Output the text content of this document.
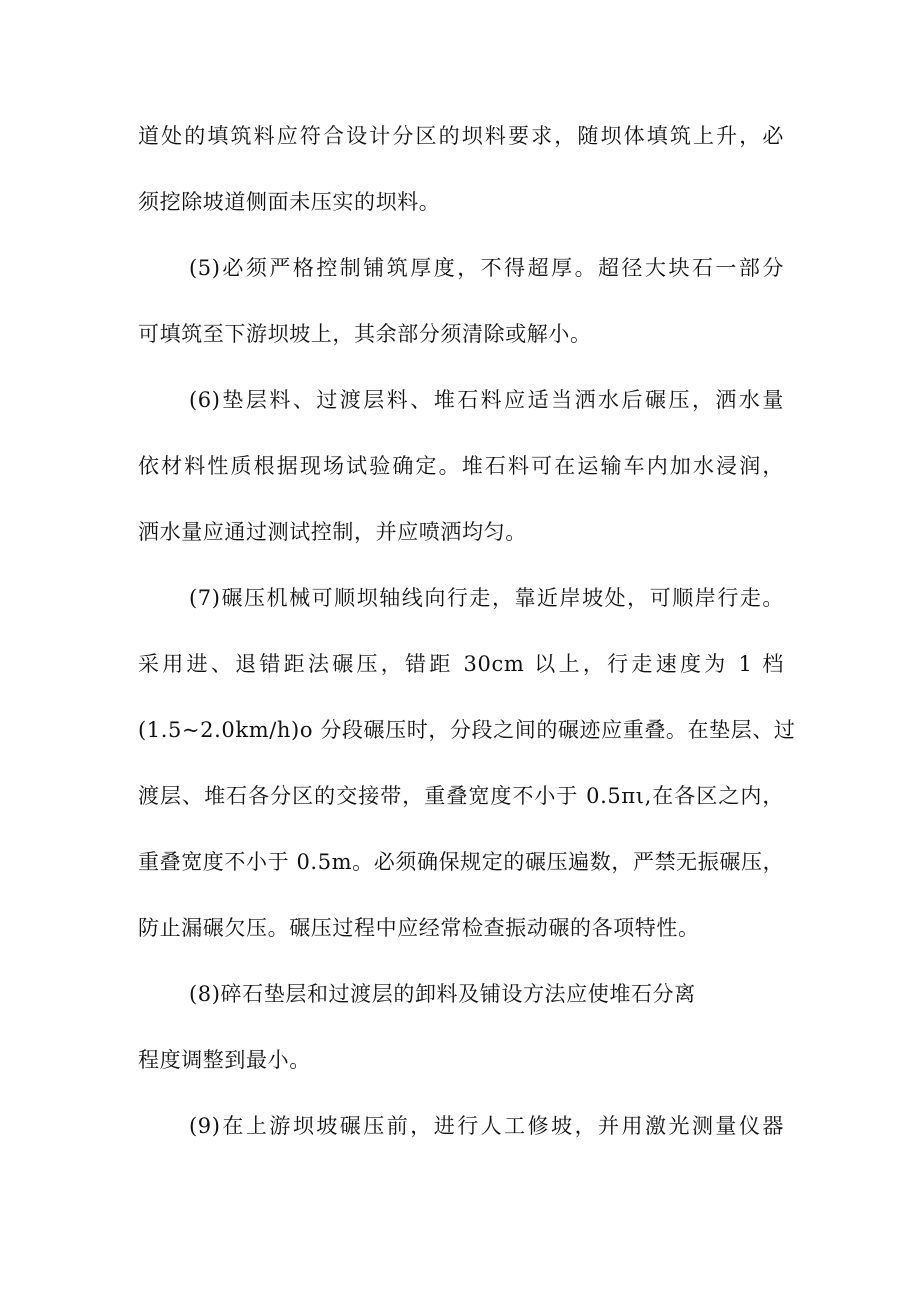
道处的填筑料应符合设计分区的坝料要求，随坝体填筑上升，必
须挖除坡道侧面未压实的坝料。
(5)必须严格控制铺筑厚度，不得超厚。超径大块石一部分
可填筑至下游坝坡上，其余部分须清除或解小。
(6)垫层料、过渡层料、堆石料应适当洒水后碾压，洒水量
依材料性质根据现场试验确定。堆石料可在运输车内加水浸润，
洒水量应通过测试控制，并应喷洒均匀。
(7)碾压机械可顺坝轴线向行走，靠近岸坡处，可顺岸行走。
采用进、退错距法碾压，错距 30cm 以上，行走速度为 1 档
(1.5~2.0km∕h)o 分段碾压时，分段之间的碾迹应重叠。在垫层、过
渡层、堆石各分区的交接带，重叠宽度不小于 0.5πι,在各区之内，
重叠宽度不小于 0.5m。必须确保规定的碾压遍数，严禁无振碾压，
防止漏碾欠压。碾压过程中应经常检查振动碾的各项特性。
(8)碎石垫层和过渡层的卸料及铺设方法应使堆石分离
程度调整到最小。
(9)在上游坝坡碾压前，进行人工修坡，并用激光测量仪器
